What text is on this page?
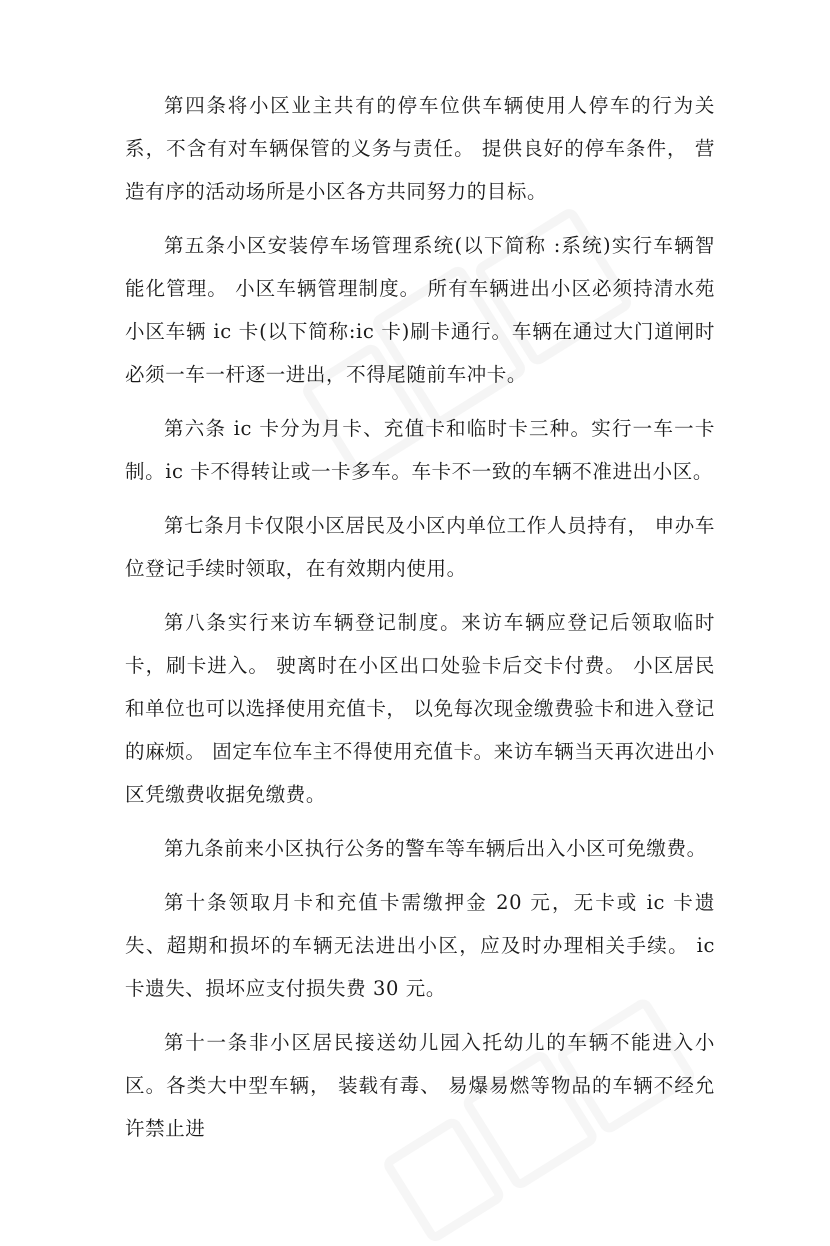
第四条将小区业主共有的停车位供车辆使用人停车的行为关系，不含有对车辆保管的义务与责任。 提供良好的停车条件， 营造有序的活动场所是小区各方共同努力的目标。

第五条小区安装停车场管理系统(以下简称 :系统)实行车辆智能化管理。 小区车辆管理制度。 所有车辆进出小区必须持清水苑小区车辆 ic 卡(以下简称:ic 卡)刷卡通行。车辆在通过大门道闸时必须一车一杆逐一进出，不得尾随前车冲卡。

第六条 ic 卡分为月卡、充值卡和临时卡三种。实行一车一卡制。ic 卡不得转让或一卡多车。车卡不一致的车辆不准进出小区。

第七条月卡仅限小区居民及小区内单位工作人员持有， 申办车位登记手续时领取，在有效期内使用。

第八条实行来访车辆登记制度。来访车辆应登记后领取临时卡，刷卡进入。 驶离时在小区出口处验卡后交卡付费。 小区居民和单位也可以选择使用充值卡， 以免每次现金缴费验卡和进入登记的麻烦。 固定车位车主不得使用充值卡。来访车辆当天再次进出小区凭缴费收据免缴费。

第九条前来小区执行公务的警车等车辆后出入小区可免缴费。

第十条领取月卡和充值卡需缴押金 20 元，无卡或 ic 卡遗失、超期和损坏的车辆无法进出小区，应及时办理相关手续。 ic 卡遗失、损坏应支付损失费 30 元。

第十一条非小区居民接送幼儿园入托幼儿的车辆不能进入小区。各类大中型车辆， 装载有毒、 易爆易燃等物品的车辆不经允许禁止进
